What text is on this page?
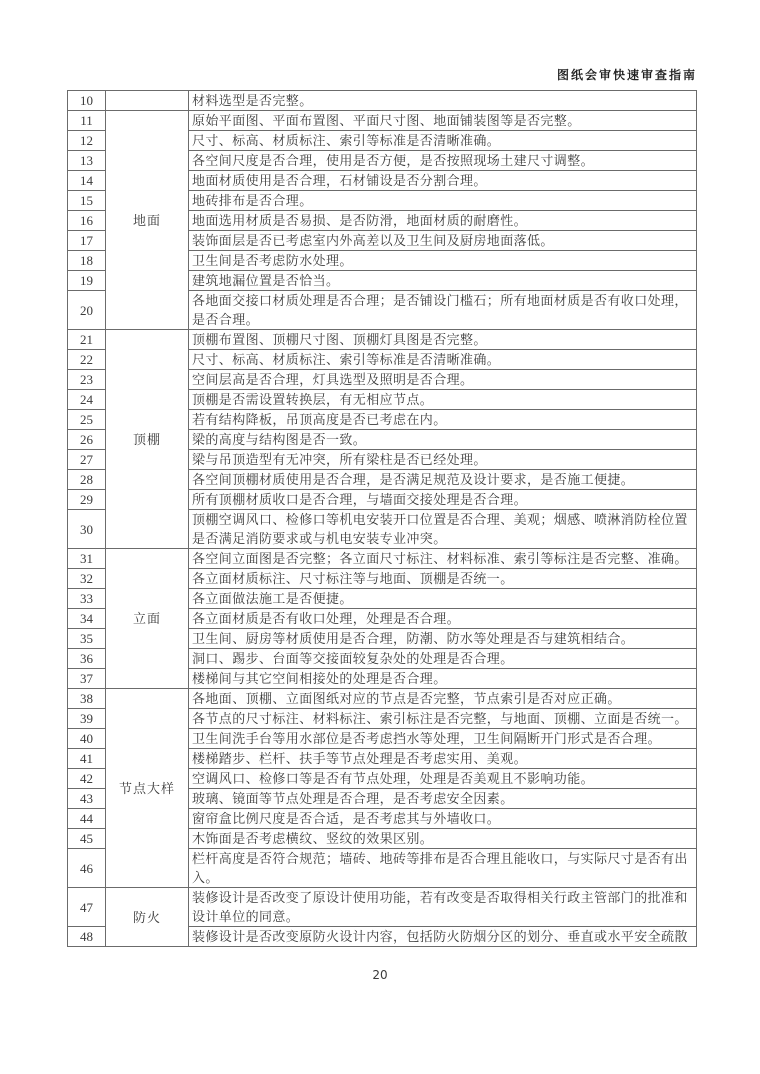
图纸会审快速审查指南
10		材料选型是否完整。
11	地面	原始平面图、平面布置图、平面尺寸图、地面铺装图等是否完整。
12		尺寸、标高、材质标注、索引等标准是否清晰准确。
13		各空间尺度是否合理，使用是否方便，是否按照现场土建尺寸调整。
14		地面材质使用是否合理，石材铺设是否分割合理。
15		地砖排布是否合理。
16		地面选用材质是否易损、是否防滑，地面材质的耐磨性。
17		装饰面层是否已考虑室内外高差以及卫生间及厨房地面落低。
18		卫生间是否考虑防水处理。
19		建筑地漏位置是否恰当。
20		各地面交接口材质处理是否合理；是否铺设门槛石；所有地面材质是否有收口处理，是否合理。
21	顶棚	顶棚布置图、顶棚尺寸图、顶棚灯具图是否完整。
22		尺寸、标高、材质标注、索引等标准是否清晰准确。
23		空间层高是否合理，灯具选型及照明是否合理。
24		顶棚是否需设置转换层，有无相应节点。
25		若有结构降板，吊顶高度是否已考虑在内。
26		梁的高度与结构图是否一致。
27		梁与吊顶造型有无冲突，所有梁柱是否已经处理。
28		各空间顶棚材质使用是否合理，是否满足规范及设计要求，是否施工便捷。
29		所有顶棚材质收口是否合理，与墙面交接处理是否合理。
30		顶棚空调风口、检修口等机电安装开口位置是否合理、美观；烟感、喷淋消防栓位置是否满足消防要求或与机电安装专业冲突。
31	立面	各空间立面图是否完整；各立面尺寸标注、材料标准、索引等标注是否完整、准确。
32		各立面材质标注、尺寸标注等与地面、顶棚是否统一。
33		各立面做法施工是否便捷。
34		各立面材质是否有收口处理，处理是否合理。
35		卫生间、厨房等材质使用是否合理，防潮、防水等处理是否与建筑相结合。
36		洞口、踢步、台面等交接面较复杂处的处理是否合理。
37		楼梯间与其它空间相接处的处理是否合理。
38	节点大样	各地面、顶棚、立面图纸对应的节点是否完整，节点索引是否对应正确。
39		各节点的尺寸标注、材料标注、索引标注是否完整，与地面、顶棚、立面是否统一。
40		卫生间洗手台等用水部位是否考虑挡水等处理，卫生间隔断开门形式是否合理。
41		楼梯踏步、栏杆、扶手等节点处理是否考虑实用、美观。
42		空调风口、检修口等是否有节点处理，处理是否美观且不影响功能。
43		玻璃、镜面等节点处理是否合理，是否考虑安全因素。
44		窗帘盒比例尺度是否合适，是否考虑其与外墙收口。
45		木饰面是否考虑横纹、竖纹的效果区别。
46		栏杆高度是否符合规范；墙砖、地砖等排布是否合理且能收口，与实际尺寸是否有出入。
47	防火	装修设计是否改变了原设计使用功能，若有改变是否取得相关行政主管部门的批准和设计单位的同意。
48		装修设计是否改变原防火设计内容，包括防火防烟分区的划分、垂直或水平安全疏散
20
